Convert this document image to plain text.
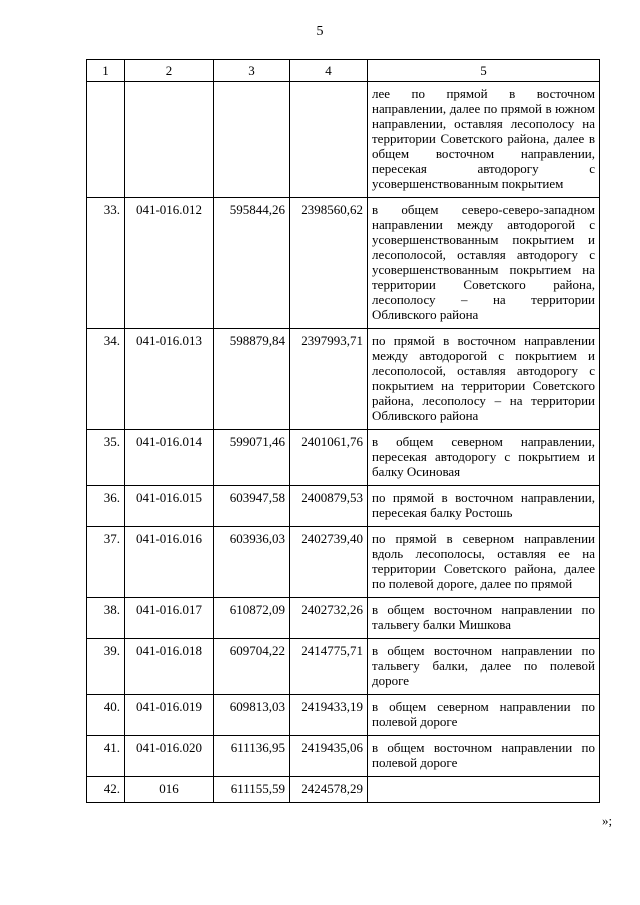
5
1	2	3	4	5
				лее по прямой в восточном направлении, далее по прямой в южном направлении, оставляя лесополосу на территории Советского района, далее в общем восточном направлении, пересекая автодорогу с усовершенствованным покрытием
33.	041-016.012	595844,26	2398560,62	в общем северо-северо-западном направлении между автодорогой с усовершенствованным покрытием и лесополосой, оставляя автодорогу с усовершенствованным покрытием на территории Советского района, лесополосу – на территории Обливского района
34.	041-016.013	598879,84	2397993,71	по прямой в восточном направлении между автодорогой с покрытием и лесополосой, оставляя автодорогу с покрытием на территории Советского района, лесополосу – на территории Обливского района
35.	041-016.014	599071,46	2401061,76	в общем северном направлении, пересекая автодорогу с покрытием и балку Осиновая
36.	041-016.015	603947,58	2400879,53	по прямой в восточном направлении, пересекая балку Ростошь
37.	041-016.016	603936,03	2402739,40	по прямой в северном направлении вдоль лесополосы, оставляя ее на территории Советского района, далее по полевой дороге, далее по прямой
38.	041-016.017	610872,09	2402732,26	в общем восточном направлении по тальвегу балки Мишкова
39.	041-016.018	609704,22	2414775,71	в общем восточном направлении по тальвегу балки, далее по полевой дороге
40.	041-016.019	609813,03	2419433,19	в общем северном направлении по полевой дороге
41.	041-016.020	611136,95	2419435,06	в общем восточном направлении по полевой дороге
42.	016	611155,59	2424578,29	
»;
